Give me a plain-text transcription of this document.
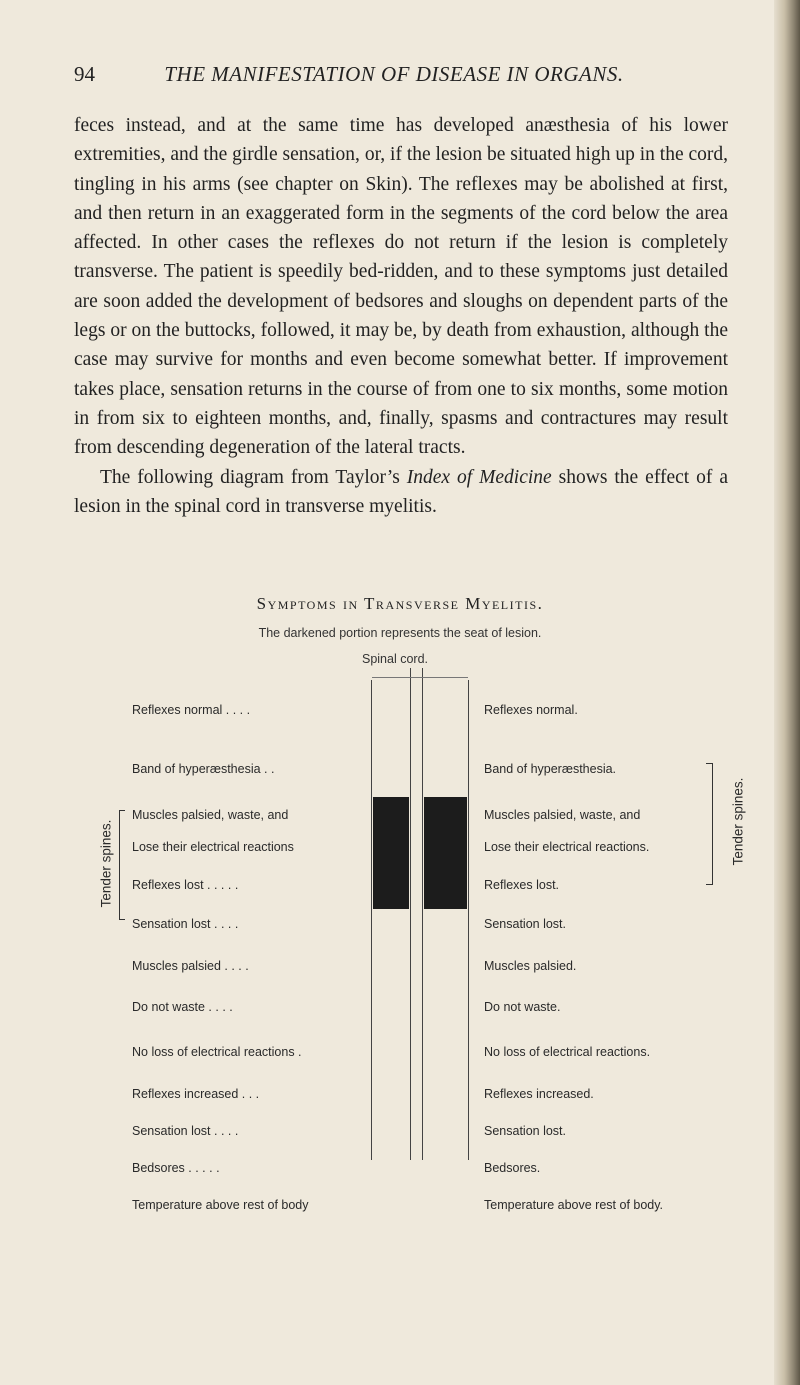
94	THE MANIFESTATION OF DISEASE IN ORGANS.

feces instead, and at the same time has developed anæsthesia of his lower extremities, and the girdle sensation, or, if the lesion be situated high up in the cord, tingling in his arms (see chapter on Skin). The reflexes may be abolished at first, and then return in an exaggerated form in the segments of the cord below the area affected. In other cases the reflexes do not return if the lesion is completely transverse. The patient is speedily bed-ridden, and to these symptoms just detailed are soon added the development of bedsores and sloughs on dependent parts of the legs or on the buttocks, followed, it may be, by death from exhaustion, although the case may survive for months and even become somewhat better. If improvement takes place, sensation returns in the course of from one to six months, some motion in from six to eighteen months, and, finally, spasms and contractures may result from descending degeneration of the lateral tracts.

The following diagram from Taylor’s Index of Medicine shows the effect of a lesion in the spinal cord in transverse myelitis.

Symptoms in Transverse Myelitis.
The darkened portion represents the seat of lesion.
Spinal cord.
Reflexes normal . . . .
Band of hyperæsthesia . .
Muscles palsied, waste, and
Lose their electrical reactions
Reflexes lost . . . . .
Sensation lost . . . .
Muscles palsied . . . .
Do not waste . . . .
No loss of electrical reactions .
Reflexes increased . . .
Sensation lost . . . .
Bedsores . . . . .
Temperature above rest of body
Tender spines.
Reflexes normal.
Band of hyperæsthesia.
Muscles palsied, waste, and
Lose their electrical reactions.
Reflexes lost.
Sensation lost.
Muscles palsied.
Do not waste.
No loss of electrical reactions.
Reflexes increased.
Sensation lost.
Bedsores.
Temperature above rest of body.
Tender spines.
